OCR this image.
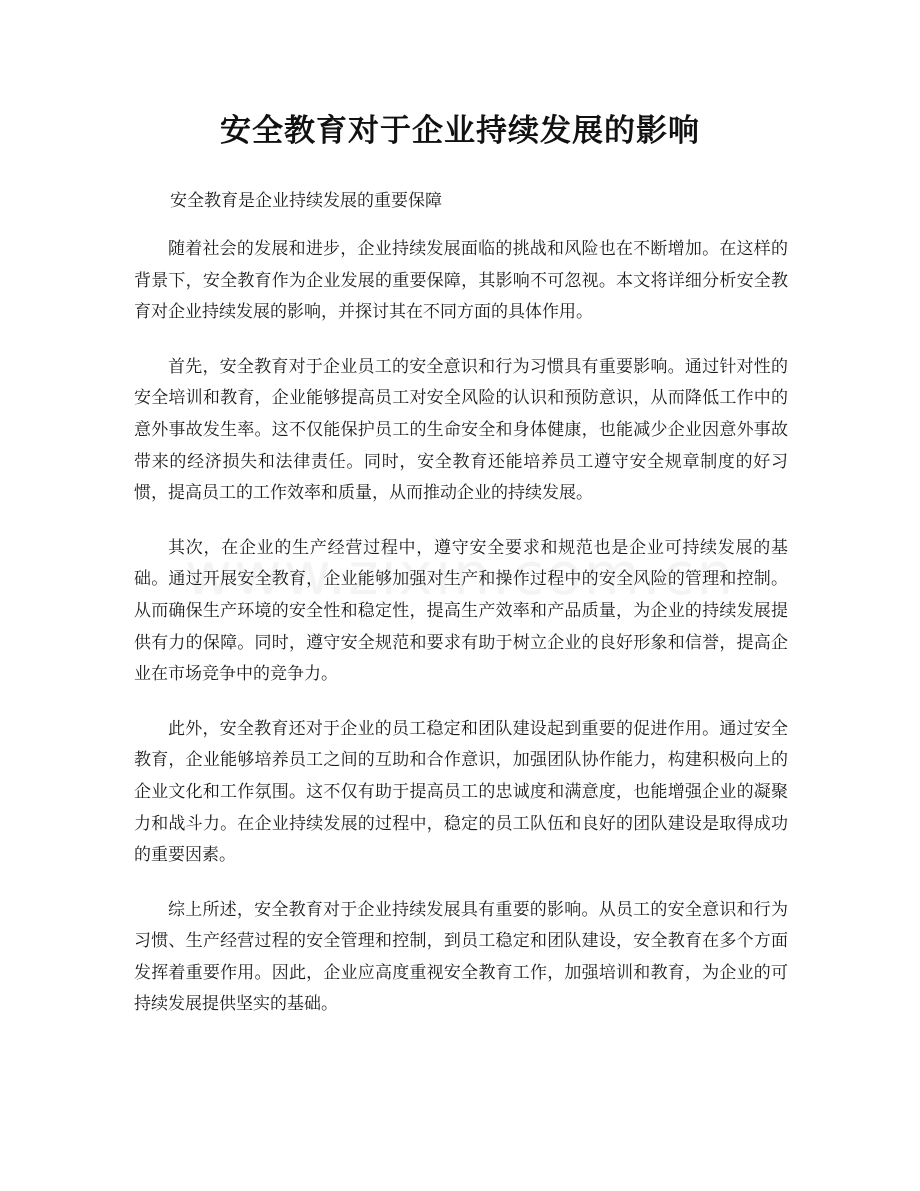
安全教育对于企业持续发展的影响

安全教育是企业持续发展的重要保障

随着社会的发展和进步，企业持续发展面临的挑战和风险也在不断增加。在这样的背景下，安全教育作为企业发展的重要保障，其影响不可忽视。本文将详细分析安全教育对企业持续发展的影响，并探讨其在不同方面的具体作用。

首先，安全教育对于企业员工的安全意识和行为习惯具有重要影响。通过针对性的安全培训和教育，企业能够提高员工对安全风险的认识和预防意识，从而降低工作中的意外事故发生率。这不仅能保护员工的生命安全和身体健康，也能减少企业因意外事故带来的经济损失和法律责任。同时，安全教育还能培养员工遵守安全规章制度的好习惯，提高员工的工作效率和质量，从而推动企业的持续发展。

其次，在企业的生产经营过程中，遵守安全要求和规范也是企业可持续发展的基础。通过开展安全教育，企业能够加强对生产和操作过程中的安全风险的管理和控制。从而确保生产环境的安全性和稳定性，提高生产效率和产品质量，为企业的持续发展提供有力的保障。同时，遵守安全规范和要求有助于树立企业的良好形象和信誉，提高企业在市场竞争中的竞争力。

此外，安全教育还对于企业的员工稳定和团队建设起到重要的促进作用。通过安全教育，企业能够培养员工之间的互助和合作意识，加强团队协作能力，构建积极向上的企业文化和工作氛围。这不仅有助于提高员工的忠诚度和满意度，也能增强企业的凝聚力和战斗力。在企业持续发展的过程中，稳定的员工队伍和良好的团队建设是取得成功的重要因素。

综上所述，安全教育对于企业持续发展具有重要的影响。从员工的安全意识和行为习惯、生产经营过程的安全管理和控制，到员工稳定和团队建设，安全教育在多个方面发挥着重要作用。因此，企业应高度重视安全教育工作，加强培训和教育，为企业的可持续发展提供坚实的基础。
